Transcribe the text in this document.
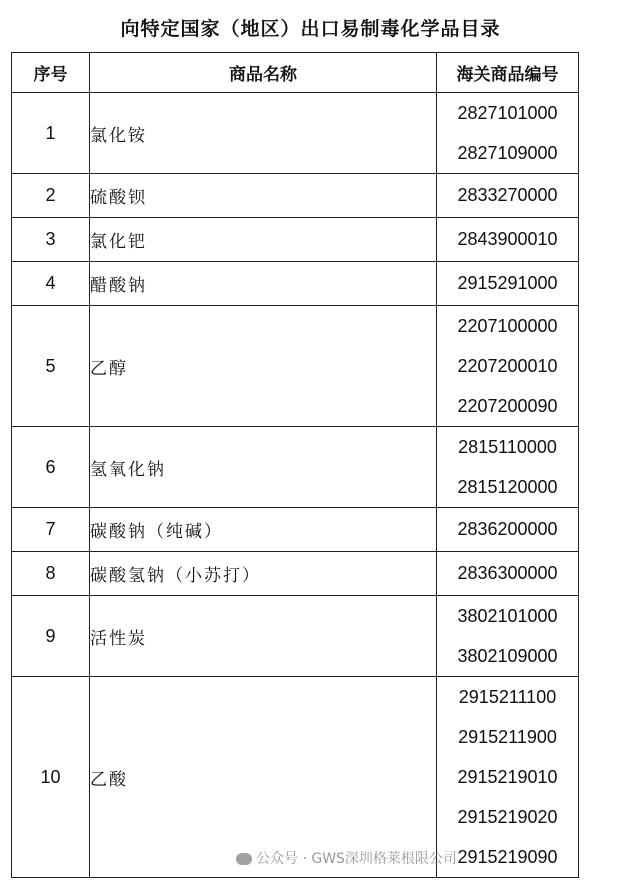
向特定国家（地区）出口易制毒化学品目录
序号	商品名称	海关商品编号
1	氯化铵	2827101000
2827109000

2	硫酸钡	2833270000

3	氯化钯	2843900010

4	醋酸钠	2915291000

5	乙醇	2207100000
2207200010
2207200090

6	氢氧化钠	2815110000
2815120000

7	碳酸钠（纯碱）	2836200000

8	碳酸氢钠（小苏打）	2836300000

9	活性炭	3802101000
3802109000

10	乙酸	2915211100
2915211900
2915219010
2915219020
2915219090
公众号 · GWS深圳格莱根限公司
